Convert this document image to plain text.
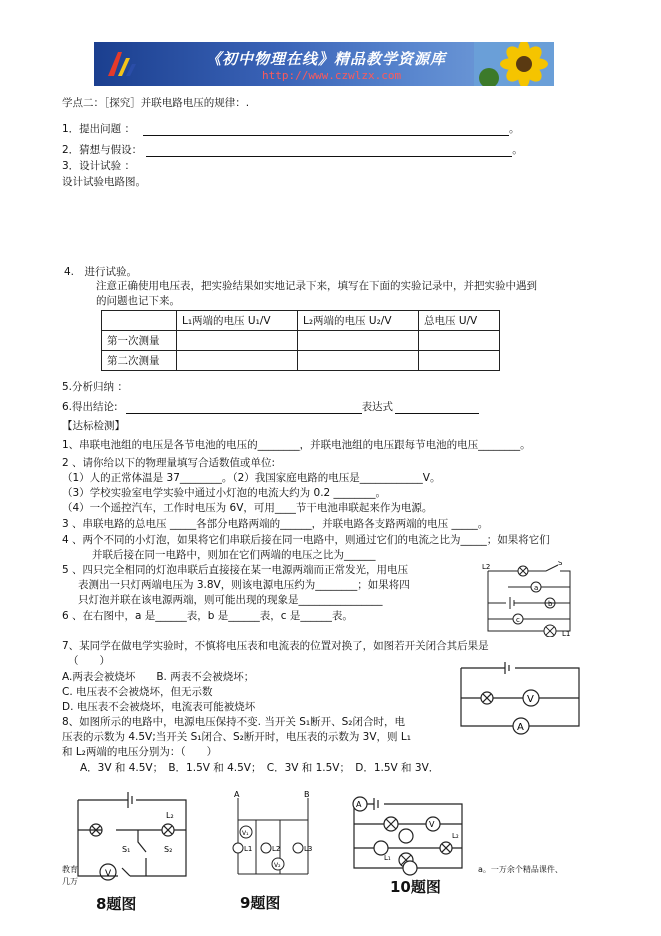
《初中物理在线》精品教学资源库
http://www.czwlzx.com
学点二：［探究］并联电路电压的规律：.
1．提出问题 ：	。
2．猜想与假设：	。
3．设计试验 ：
设计试验电路图。
4.　进行试验。
注意正确使用电压表，把实验结果如实地记录下来，填写在下面的实验记录中，并把实验中遇到
的问题也记下来。
	L₁两端的电压 U₁/V	L₂两端的电压 U₂/V	总电压 U/V
第一次测量			
第二次测量			
5.分析归纳 ：
6.得出结论:	表达式
【达标检测】
1、串联电池组的电压是各节电池的电压的________，并联电池组的电压跟每节电池的电压________。
2 、请你给以下的物理量填写合适数值或单位:
（1）人的正常体温是 37________。（2）我国家庭电路的电压是____________V。
（3）学校实验室电学实验中通过小灯泡的电流大约为 0.2 ________。
（4）一个遥控汽车，工作时电压为 6V，可用____节干电池串联起来作为电源。
3 、串联电路的总电压 _____各部分电路两端的______，并联电路各支路两端的电压 _____。
4 、两个不同的小灯泡，如果将它们串联后接在同一电路中，则通过它们的电流之比为_____；如果将它们
并联后接在同一电路中，则加在它们两端的电压之比为______
5 、四只完全相同的灯泡串联后直接接在某一电源两端而正常发光，用电压
表测出一只灯两端电压为 3.8V，则该电源电压约为________；如果将四
只灯泡并联在该电源两端，则可能出现的现象是________________
6 、在右图中，a 是______表，b 是______表，c 是______表。
L2	S
a
b
c
L1
7、某同学在做电学实验时，不慎将电压表和电流表的位置对换了，如图若开关闭合其后果是
（　　）
A.两表会被烧坏　　B. 两表不会被烧坏；
C. 电压表不会被烧坏，但无示数
D. 电压表不会被烧坏，电流表可能被烧坏
V
A
8、如图所示的电路中，电源电压保持不变. 当开关 S₁断开、S₂闭合时，电
压表的示数为 4.5V;当开关 S₁闭合、S₂断开时，电压表的示数为 3V，则 L₁
和 L₂两端的电压分别为：（　　）
A．3V 和 4.5V；　B．1.5V 和 4.5V；　C．3V 和 1.5V；　D．1.5V 和 3V．
L₂
S₁	S₂
V
8题图
A	B
V₁
V₂
L1	L2	L3
9题图
A
V
L₂
L₁
10题图
教育
几万
a。一万余个精品课件、
